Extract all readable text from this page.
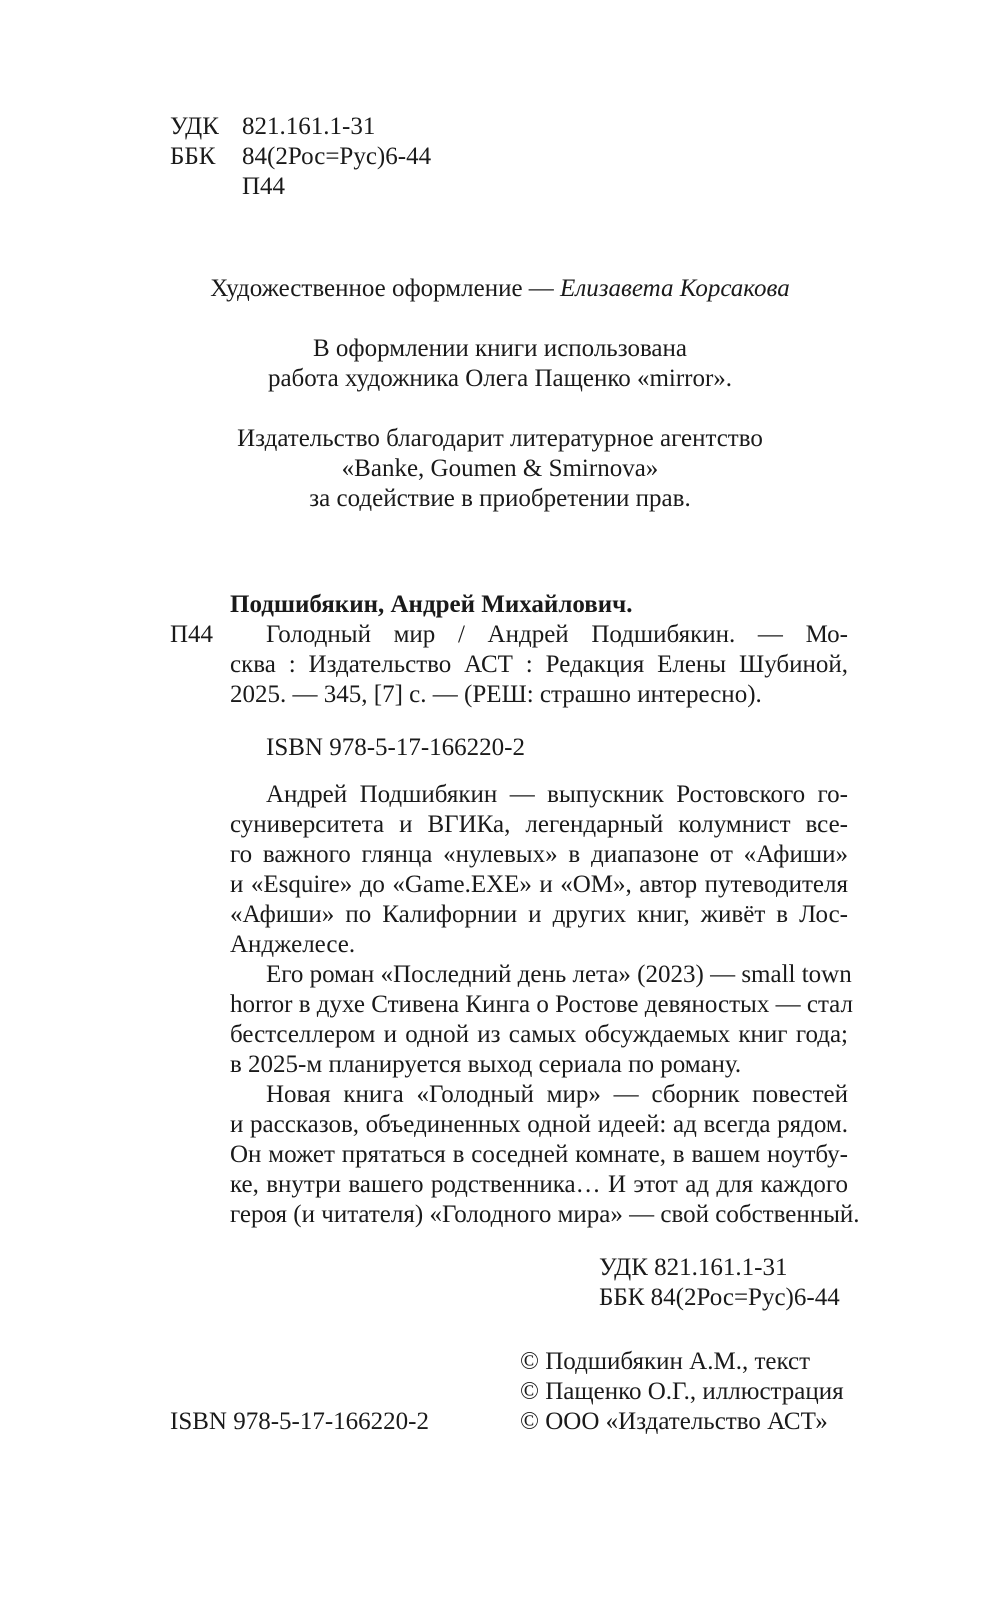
УДК 821.161.1-31
ББК 84(2Рос=Рус)6-44
П44
Художественное оформление — Елизавета Корсакова
В оформлении книги использована
работа художника Олега Пащенко «mirror».
Издательство благодарит литературное агентство
«Banke, Goumen & Smirnova»
за содействие в приобретении прав.
П44
Подшибякин, Андрей Михайлович.
Голодный мир / Андрей Подшибякин. — Мо-
сква : Издательство АСТ : Редакция Елены Шубиной,
2025. — 345, [7] с. — (РЕШ: страшно интересно).
ISBN 978-5-17-166220-2
Андрей Подшибякин — выпускник Ростовского го-
суниверситета и ВГИКа, легендарный колумнист все-
го важного глянца «нулевых» в диапазоне от «Афиши»
и «Esquire» до «Game.EXE» и «ОМ», автор путеводителя
«Афиши» по Калифорнии и других книг, живёт в Лос-
Анджелесе.
Его роман «Последний день лета» (2023) — small town
horror в духе Стивена Кинга о Ростове девяностых — стал
бестселлером и одной из самых обсуждаемых книг года;
в 2025-м планируется выход сериала по роману.
Новая книга «Голодный мир» — сборник повестей
и рассказов, объединенных одной идеей: ад всегда рядом.
Он может прятаться в соседней комнате, в вашем ноутбу-
ке, внутри вашего родственника… И этот ад для каждого
героя (и читателя) «Голодного мира» — свой собственный.
УДК 821.161.1-31
ББК 84(2Рос=Рус)6-44
© Подшибякин А.М., текст
© Пащенко О.Г., иллюстрация
© ООО «Издательство АСТ»
ISBN 978-5-17-166220-2
